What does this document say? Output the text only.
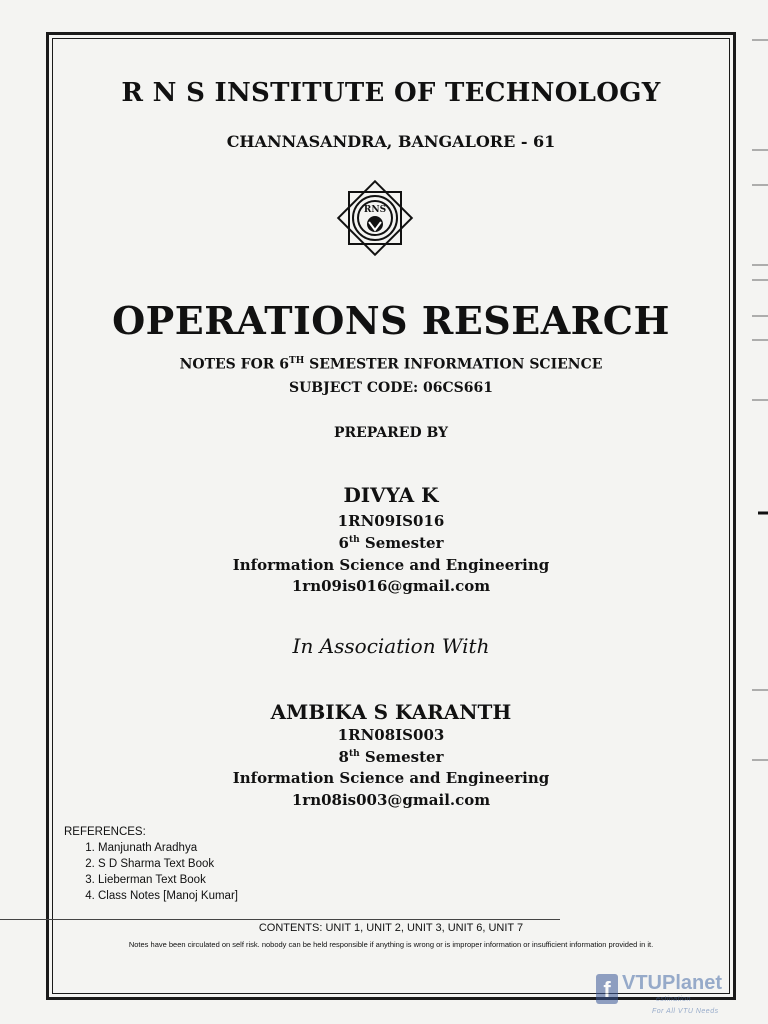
R N S INSTITUTE OF TECHNOLOGY
CHANNASANDRA, BANGALORE - 61
RNS
OPERATIONS RESEARCH
NOTES FOR 6TH SEMESTER INFORMATION SCIENCE
SUBJECT CODE: 06CS661
PREPARED BY
DIVYA K
1RN09IS016
6th Semester
Information Science and Engineering
1rn09is016@gmail.com
In Association With
AMBIKA S KARANTH
1RN08IS003
8th Semester
Information Science and Engineering
1rn08is003@gmail.com
REFERENCES:
1. Manjunath Aradhya
2. S D Sharma Text Book
3. Lieberman Text Book
4. Class Notes [Manoj Kumar]
CONTENTS: UNIT 1, UNIT 2, UNIT 3, UNIT 6, UNIT 7
Notes have been circulated on self risk. nobody can be held responsible if anything is wrong or is improper information or insufficient information provided in it.
f VTUPlanet
estination
For All VTU Needs
